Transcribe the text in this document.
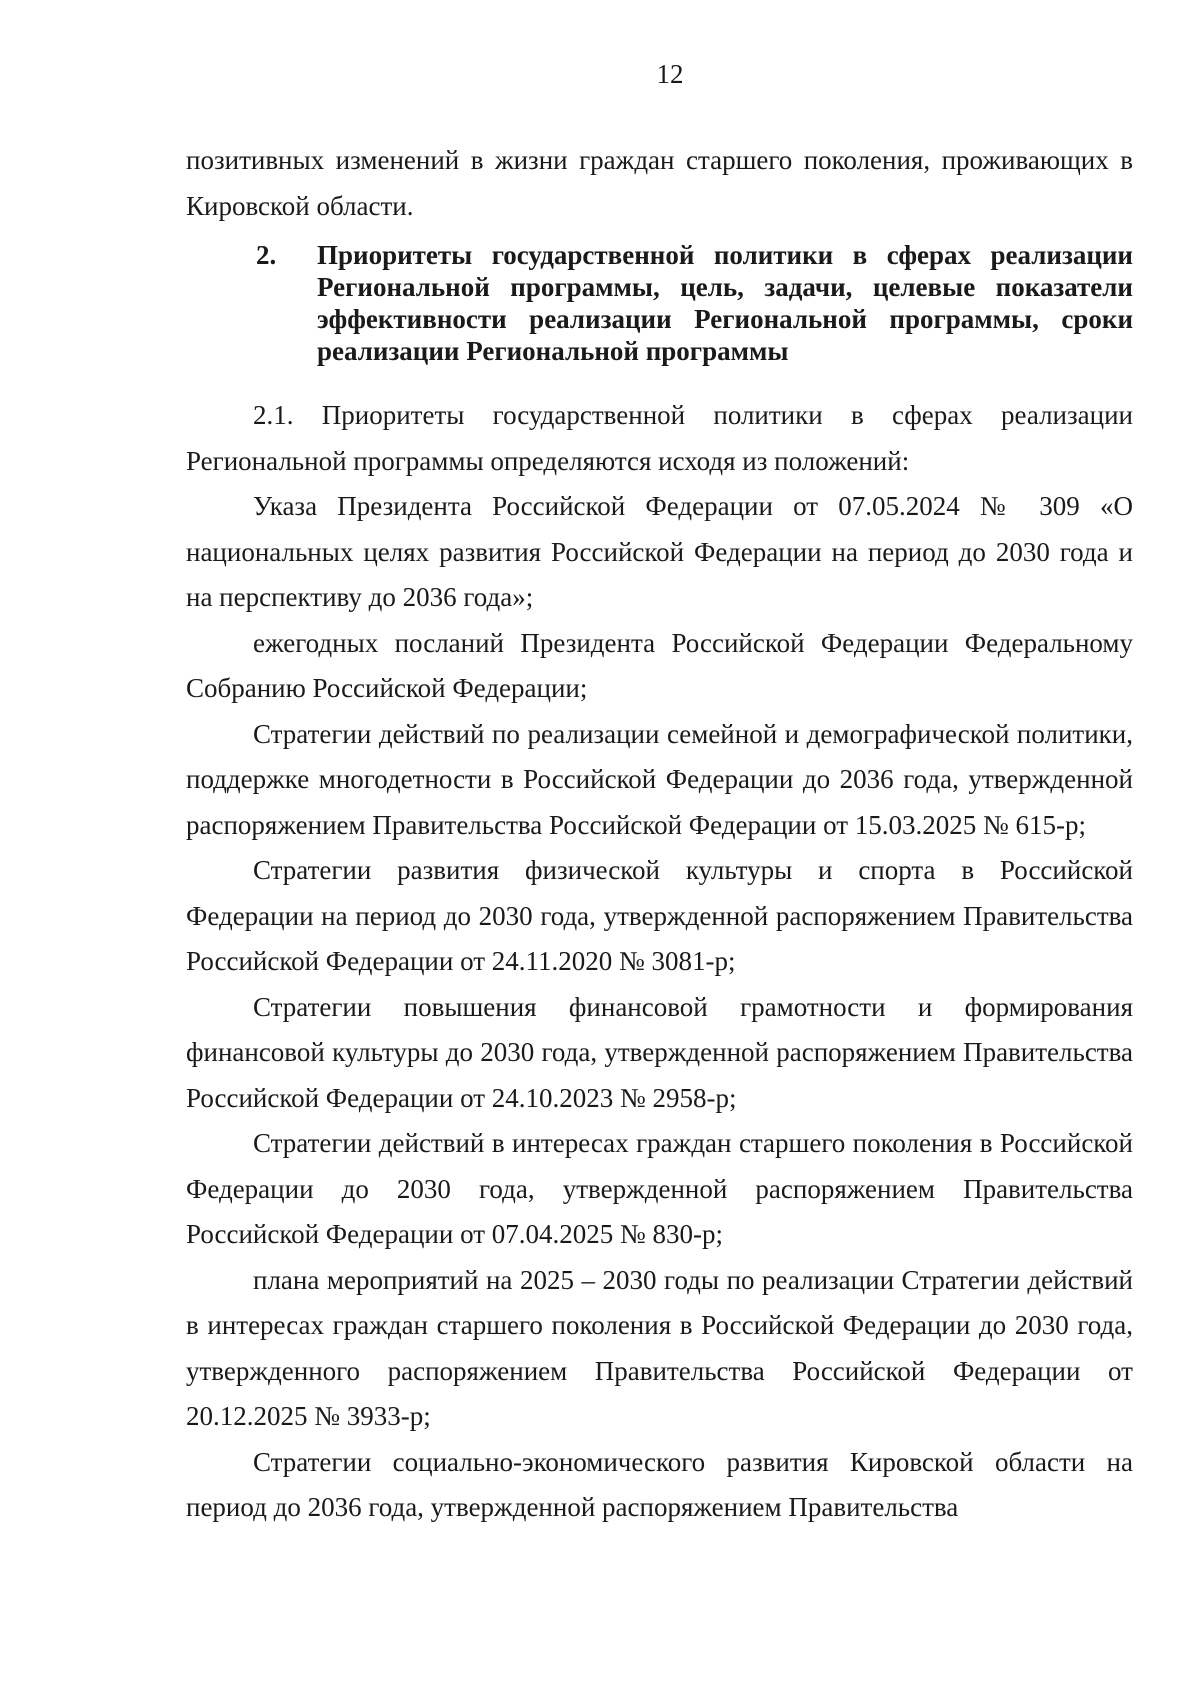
12

позитивных изменений в жизни граждан старшего поколения, проживающих в Кировской области.

2. Приоритеты государственной политики в сферах реализации Региональной программы, цель, задачи, целевые показатели эффективности реализации Региональной программы, сроки реализации Региональной программы

2.1. Приоритеты государственной политики в сферах реализации Региональной программы определяются исходя из положений:

Указа Президента Российской Федерации от 07.05.2024 № 309 «О национальных целях развития Российской Федерации на период до 2030 года и на перспективу до 2036 года»;

ежегодных посланий Президента Российской Федерации Федеральному Собранию Российской Федерации;

Стратегии действий по реализации семейной и демографической политики, поддержке многодетности в Российской Федерации до 2036 года, утвержденной распоряжением Правительства Российской Федерации от 15.03.2025 № 615-р;

Стратегии развития физической культуры и спорта в Российской Федерации на период до 2030 года, утвержденной распоряжением Правительства Российской Федерации от 24.11.2020 № 3081-р;

Стратегии повышения финансовой грамотности и формирования финансовой культуры до 2030 года, утвержденной распоряжением Правительства Российской Федерации от 24.10.2023 № 2958-р;

Стратегии действий в интересах граждан старшего поколения в Российской Федерации до 2030 года, утвержденной распоряжением Правительства Российской Федерации от 07.04.2025 № 830-р;

плана мероприятий на 2025 – 2030 годы по реализации Стратегии действий в интересах граждан старшего поколения в Российской Федерации до 2030 года, утвержденного распоряжением Правительства Российской Федерации от 20.12.2025 № 3933-р;

Стратегии социально-экономического развития Кировской области на период до 2036 года, утвержденной распоряжением Правительства
